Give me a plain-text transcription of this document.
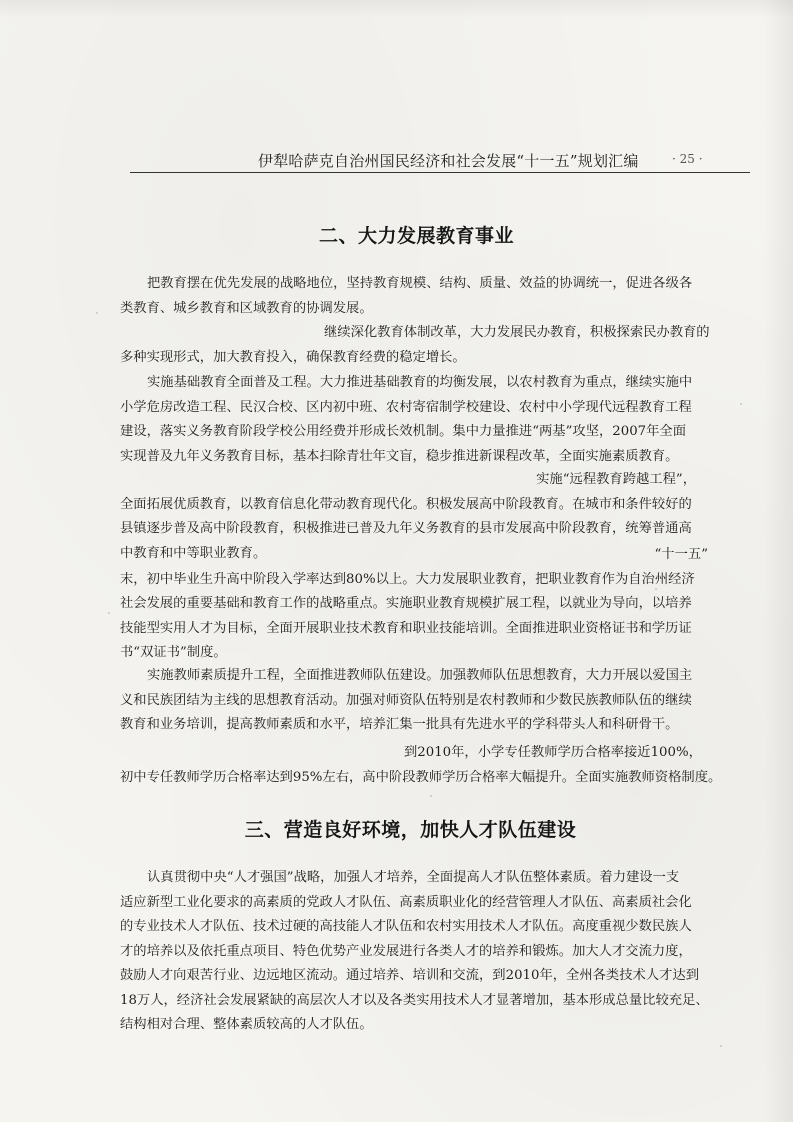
伊犁哈萨克自治州国民经济和社会发展“十一五”规划汇编	· 25 ·
二、大力发展教育事业
把教育摆在优先发展的战略地位，坚持教育规模、结构、质量、效益的协调统一，促进各级各
类教育、城乡教育和区域教育的协调发展。
继续深化教育体制改革，大力发展民办教育，积极探索民办教育的
多种实现形式，加大教育投入，确保教育经费的稳定增长。
实施基础教育全面普及工程。大力推进基础教育的均衡发展，以农村教育为重点，继续实施中
小学危房改造工程、民汉合校、区内初中班、农村寄宿制学校建设、农村中小学现代远程教育工程
建设，落实义务教育阶段学校公用经费并形成长效机制。集中力量推进“两基”攻坚，2007年全面
实现普及九年义务教育目标，基本扫除青壮年文盲，稳步推进新课程改革，全面实施素质教育。
实施“远程教育跨越工程”，
全面拓展优质教育，以教育信息化带动教育现代化。积极发展高中阶段教育。在城市和条件较好的
县镇逐步普及高中阶段教育，积极推进已普及九年义务教育的县市发展高中阶段教育，统筹普通高
中教育和中等职业教育。	“十一五”
末，初中毕业生升高中阶段入学率达到80%以上。大力发展职业教育，把职业教育作为自治州经济
社会发展的重要基础和教育工作的战略重点。实施职业教育规模扩展工程，以就业为导向，以培养
技能型实用人才为目标，全面开展职业技术教育和职业技能培训。全面推进职业资格证书和学历证
书“双证书”制度。
实施教师素质提升工程，全面推进教师队伍建设。加强教师队伍思想教育，大力开展以爱国主
义和民族团结为主线的思想教育活动。加强对师资队伍特别是农村教师和少数民族教师队伍的继续
教育和业务培训，提高教师素质和水平，培养汇集一批具有先进水平的学科带头人和科研骨干。
到2010年，小学专任教师学历合格率接近100%，
初中专任教师学历合格率达到95%左右，高中阶段教师学历合格率大幅提升。全面实施教师资格制度。
三、营造良好环境，加快人才队伍建设
认真贯彻中央“人才强国”战略，加强人才培养，全面提高人才队伍整体素质。着力建设一支
适应新型工业化要求的高素质的党政人才队伍、高素质职业化的经营管理人才队伍、高素质社会化
的专业技术人才队伍、技术过硬的高技能人才队伍和农村实用技术人才队伍。高度重视少数民族人
才的培养以及依托重点项目、特色优势产业发展进行各类人才的培养和锻炼。加大人才交流力度，
鼓励人才向艰苦行业、边远地区流动。通过培养、培训和交流，到2010年，全州各类技术人才达到
18万人，经济社会发展紧缺的高层次人才以及各类实用技术人才显著增加，基本形成总量比较充足、
结构相对合理、整体素质较高的人才队伍。
